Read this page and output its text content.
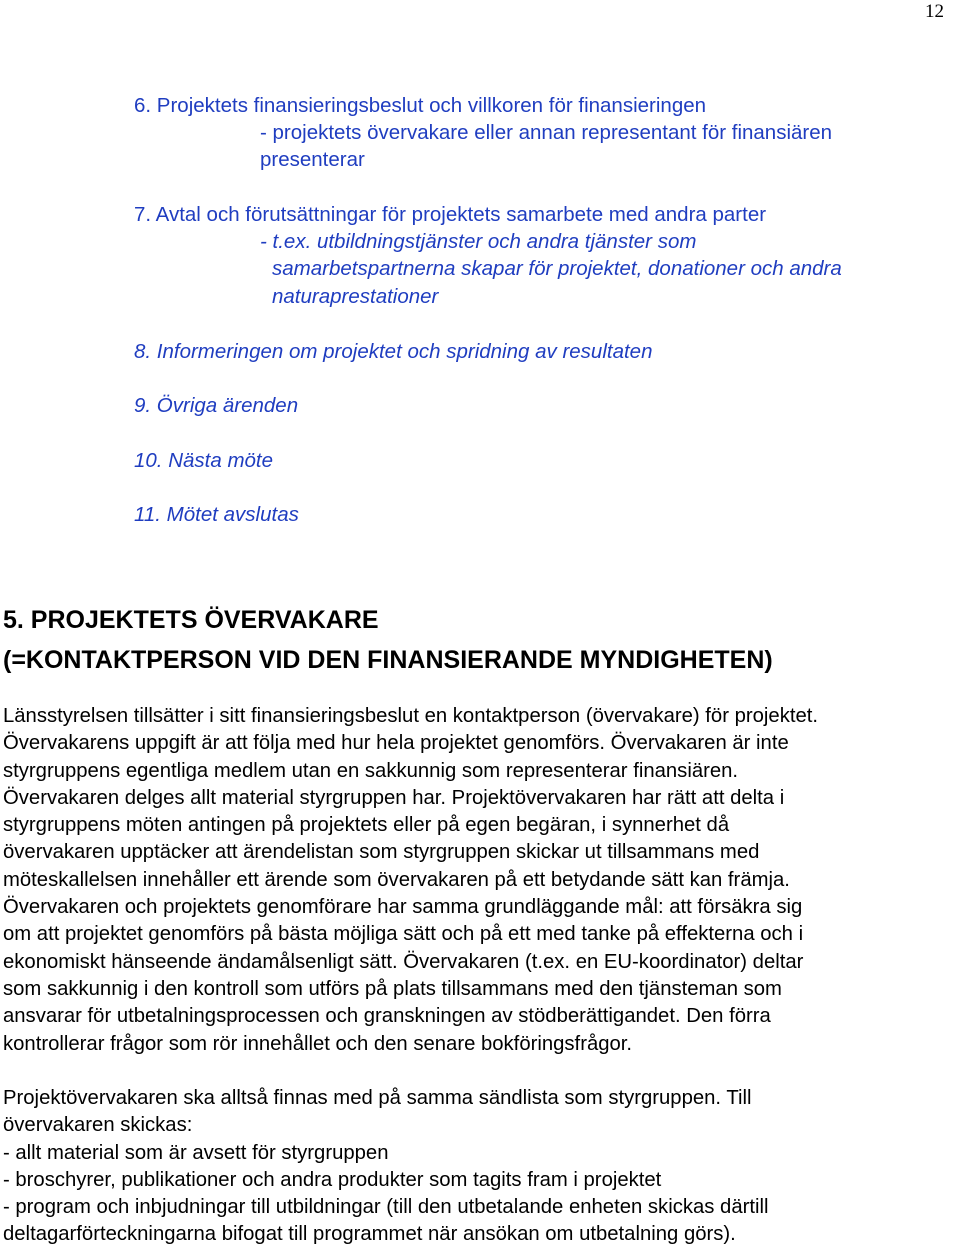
12
6. Projektets finansieringsbeslut och villkoren för finansieringen
- projektets övervakare eller annan representant för finansiären
presenterar
7. Avtal och förutsättningar för projektets samarbete med andra parter
- t.ex. utbildningstjänster och andra tjänster som
samarbetspartnerna skapar för projektet, donationer och andra
naturaprestationer
8. Informeringen om projektet och spridning av resultaten
9. Övriga ärenden
10. Nästa möte
11. Mötet avslutas
5. PROJEKTETS ÖVERVAKARE
(=KONTAKTPERSON VID DEN FINANSIERANDE MYNDIGHETEN)
Länsstyrelsen tillsätter i sitt finansieringsbeslut en kontaktperson (övervakare) för projektet.
Övervakarens uppgift är att följa med hur hela projektet genomförs. Övervakaren är inte
styrgruppens egentliga medlem utan en sakkunnig som representerar finansiären.
Övervakaren delges allt material styrgruppen har. Projektövervakaren har rätt att delta i
styrgruppens möten antingen på projektets eller på egen begäran, i synnerhet då
övervakaren upptäcker att ärendelistan som styrgruppen skickar ut tillsammans med
möteskallelsen innehåller ett ärende som övervakaren på ett betydande sätt kan främja.
Övervakaren och projektets genomförare har samma grundläggande mål: att försäkra sig
om att projektet genomförs på bästa möjliga sätt och på ett med tanke på effekterna och i
ekonomiskt hänseende ändamålsenligt sätt. Övervakaren (t.ex. en EU-koordinator) deltar
som sakkunnig i den kontroll som utförs på plats tillsammans med den tjänsteman som
ansvarar för utbetalningsprocessen och granskningen av stödberättigandet. Den förra
kontrollerar frågor som rör innehållet och den senare bokföringsfrågor.
Projektövervakaren ska alltså finnas med på samma sändlista som styrgruppen. Till
övervakaren skickas:
- allt material som är avsett för styrgruppen
- broschyrer, publikationer och andra produkter som tagits fram i projektet
- program och inbjudningar till utbildningar (till den utbetalande enheten skickas därtill
deltagarförteckningarna bifogat till programmet när ansökan om utbetalning görs).
